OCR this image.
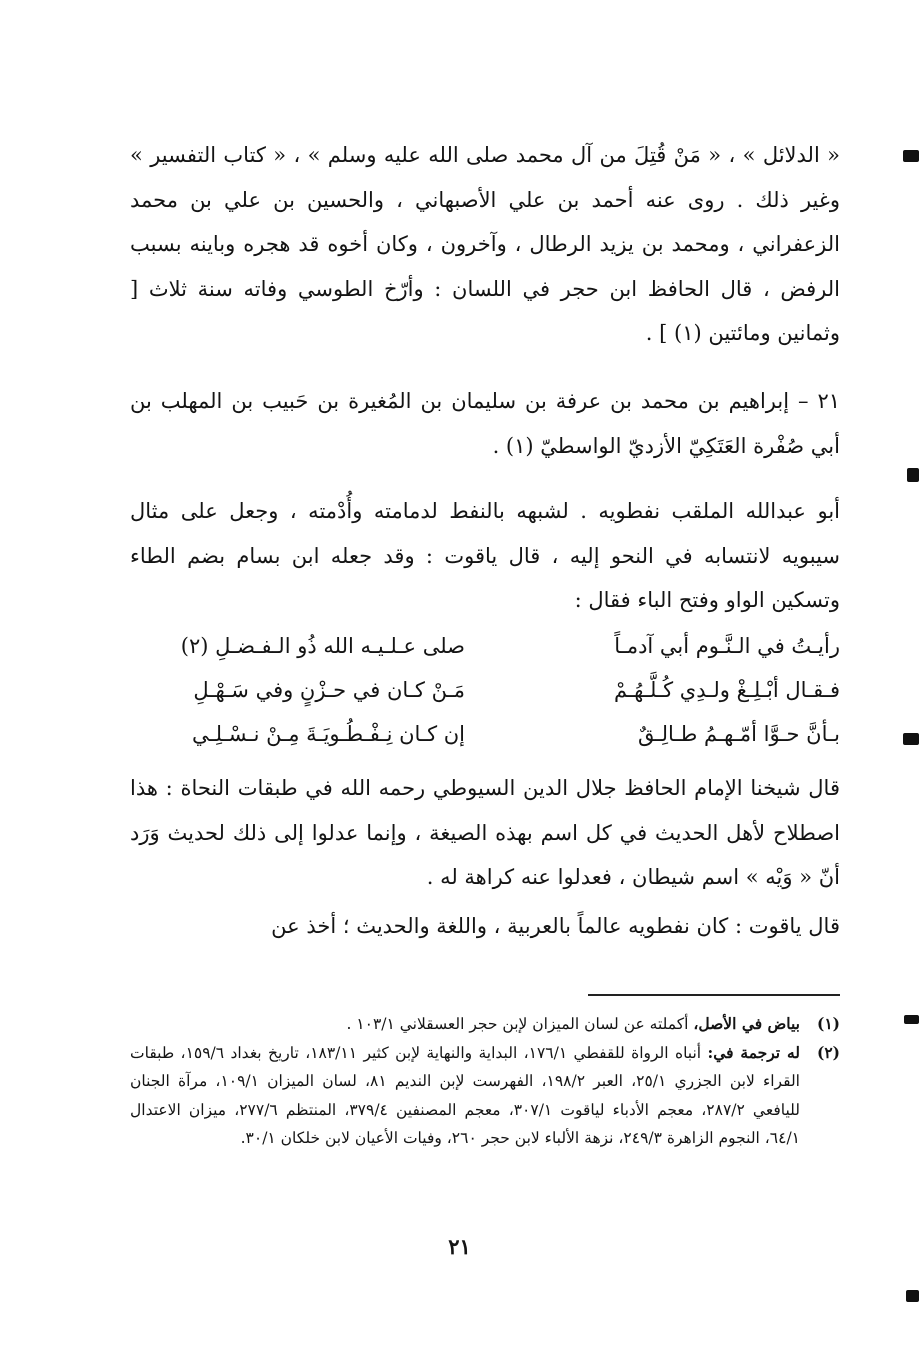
« الدلائل » ، « مَنْ قُتِلَ من آل محمد صلى الله عليه وسلم » ، « كتاب التفسير » وغير ذلك . روى عنه أحمد بن علي الأصبهاني ، والحسين بن علي بن محمد الزعفراني ، ومحمد بن يزيد الرطال ، وآخرون ، وكان أخوه قد هجره وباينه بسبب الرفض ، قال الحافظ ابن حجر في اللسان : وأرّخ الطوسي وفاته سنة ثلاث [ وثمانين ومائتين (١) ] .

٢١ – إبراهيم بن محمد بن عرفة بن سليمان بن المُغيرة بن حَبيب بن المهلب بن أبي صُفْرة العَتَكِيّ الأزديّ الواسطيّ (١) .

أبو عبدالله الملقب نفطويه . لشبهه بالنفط لدمامته وأُدْمته ، وجعل على مثال سيبويه لانتسابه في النحو إليه ، قال ياقوت : وقد جعله ابن بسام بضم الطاء وتسكين الواو وفتح الباء فقال :

رأيـتُ في الـنَّـوم أبي آدمـاً
صلى عـلـيـه الله ذُو الـفـضـلِ (٢)
فـقـال أبْـلِـغْ ولـدِي كُـلَّـهُـمْ
مَـنْ كـان في حـزْنٍ وفي سَـهْـلِ
بـأنَّ حـوَّا أمّـهـمُ طـالِـقٌ
إن كـان نِـفْـطُـويَـةَ مِـنْ نـسْـلِـي

قال شيخنا الإمام الحافظ جلال الدين السيوطي رحمه الله في طبقات النحاة : هذا اصطلاح لأهل الحديث في كل اسم بهذه الصيغة ، وإنما عدلوا إلى ذلك لحديث وَرَد أنّ « وَيْه » اسم شيطان ، فعدلوا عنه كراهة له .

قال ياقوت : كان نفطويه عالماً بالعربية ، واللغة والحديث ؛ أخذ عن

(١)
بياض في الأصل، أكملته عن لسان الميزان لإبن حجر العسقلاني ١٠٣/١ .
(٢)
له ترجمة في: أنباه الرواة للقفطي ١٧٦/١، البداية والنهاية لإبن كثير ١٨٣/١١، تاريخ بغداد ١٥٩/٦، طبقات القراء لابن الجزري ٢٥/١، العبر ١٩٨/٢، الفهرست لإبن النديم ٨١، لسان الميزان ١٠٩/١، مرآة الجنان لليافعي ٢٨٧/٢، معجم الأدباء لياقوت ٣٠٧/١، معجم المصنفين ٣٧٩/٤، المنتظم ٢٧٧/٦، ميزان الاعتدال ٦٤/١، النجوم الزاهرة ٢٤٩/٣، نزهة الألباء لابن حجر ٢٦٠، وفيات الأعيان لابن خلكان ٣٠/١.
٢١
